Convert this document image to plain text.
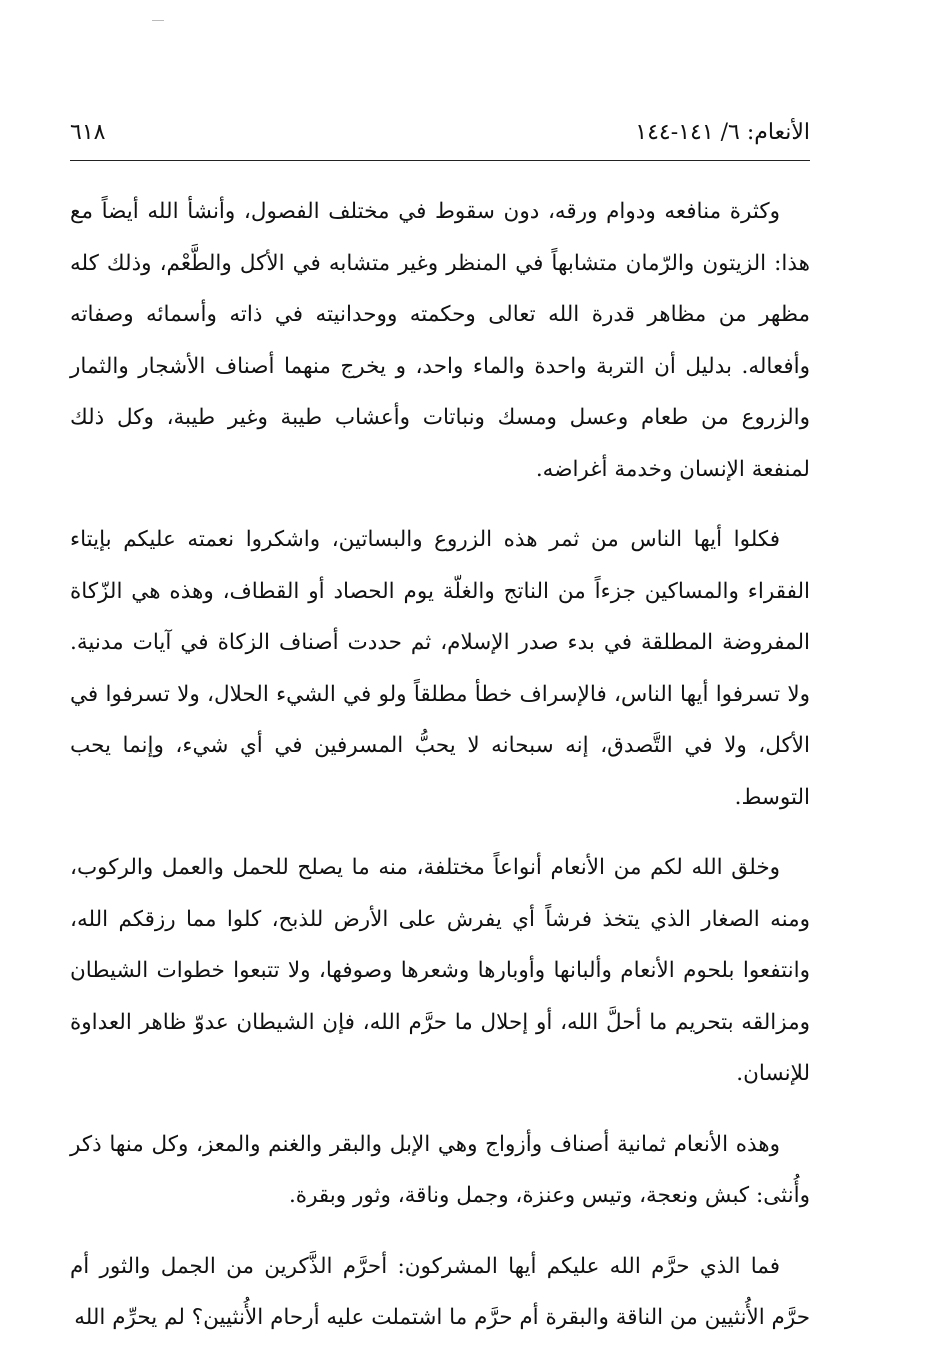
الأنعام: ٦/ ١٤١-١٤٤
٦١٨

وكثرة منافعه ودوام ورقه، دون سقوط في مختلف الفصول، وأنشأ الله أيضاً مع هذا: الزيتون والرّمان متشابهاً في المنظر وغير متشابه في الأكل والطَّعْم، وذلك كله مظهر من مظاهر قدرة الله تعالى وحكمته ووحدانيته في ذاته وأسمائه وصفاته وأفعاله. بدليل أن التربة واحدة والماء واحد، و يخرج منهما أصناف الأشجار والثمار والزروع من طعام وعسل ومسك ونباتات وأعشاب طيبة وغير طيبة، وكل ذلك لمنفعة الإنسان وخدمة أغراضه.

فكلوا أيها الناس من ثمر هذه الزروع والبساتين، واشكروا نعمته عليكم بإيتاء الفقراء والمساكين جزءاً من الناتج والغلّة يوم الحصاد أو القطاف، وهذه هي الزّكاة المفروضة المطلقة في بدء صدر الإسلام، ثم حددت أصناف الزكاة في آيات مدنية. ولا تسرفوا أيها الناس، فالإسراف خطأ مطلقاً ولو في الشيء الحلال، ولا تسرفوا في الأكل، ولا في التَّصدق، إنه سبحانه لا يحبُّ المسرفين في أي شيء، وإنما يحب التوسط.

وخلق الله لكم من الأنعام أنواعاً مختلفة، منه ما يصلح للحمل والعمل والركوب، ومنه الصغار الذي يتخذ فرشاً أي يفرش على الأرض للذبح، كلوا مما رزقكم الله، وانتفعوا بلحوم الأنعام وألبانها وأوبارها وشعرها وصوفها، ولا تتبعوا خطوات الشيطان ومزالقه بتحريم ما أحلَّ الله، أو إحلال ما حرَّم الله، فإن الشيطان عدوّ ظاهر العداوة للإنسان.

وهذه الأنعام ثمانية أصناف وأزواج وهي الإبل والبقر والغنم والمعز، وكل منها ذكر وأُنثى: كبش ونعجة، وتيس وعنزة، وجمل وناقة، وثور وبقرة.

فما الذي حرَّم الله عليكم أيها المشركون: أحرَّم الذَّكرين من الجمل والثور أم حرَّم الأُنثيين من الناقة والبقرة أم حرَّم ما اشتملت عليه أرحام الأُنثيين؟ لم يحرِّم الله
